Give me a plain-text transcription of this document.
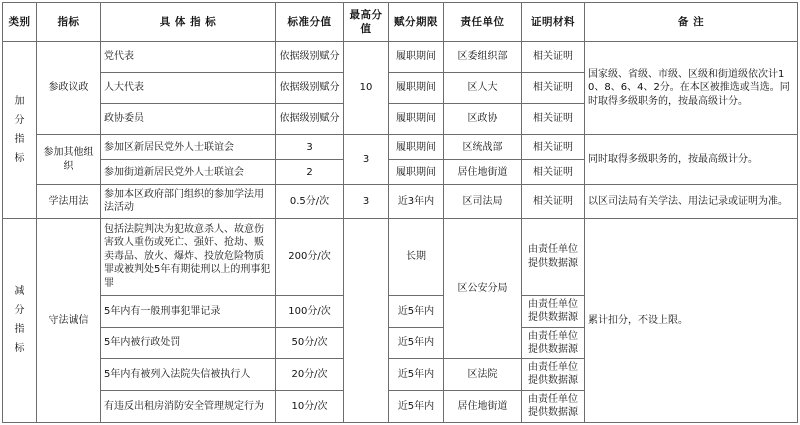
类别	指标	具 体 指 标	标准分值	最高分值	赋分期限	责任单位	证明材料	备 注

加
分
指
标	参政议政	党代表	依据级别赋分	10	履职期间	区委组织部	相关证明	国家级、省级、市级、区级和街道级依次计10、8、6、4、2分。在本区被推选或当选。同时取得多级职务的，按最高级计分。
		人大代表	依据级别赋分		履职期间	区人大	相关证明	
		政协委员	依据级别赋分		履职期间	区政协	相关证明	
	参加其他组织	参加区新居民党外人士联谊会	3	3	履职期间	区统战部	相关证明	同时取得多级职务的，按最高级计分。
		参加街道新居民党外人士联谊会	2		履职期间	居住地街道	相关证明	
	学法用法	参加本区政府部门组织的参加学法用法活动	0.5分/次	3	近3年内	区司法局	相关证明	以区司法局有关学法、用法记录或证明为准。

减
分
指
标	守法诚信	包括法院判决为犯故意杀人、故意伤害致人重伤或死亡、强奸、抢劫、贩卖毒品、放火、爆炸、投放危险物质罪或被判处5年有期徒刑以上的刑事犯罪	200分/次		长期	区公安分局	由责任单位提供数据源	累计扣分，不设上限。
		5年内有一般刑事犯罪记录	100分/次		近5年内		由责任单位提供数据源	
		5年内被行政处罚	50分/次		近5年内		由责任单位提供数据源	
		5年内有被列入法院失信被执行人	20分/次		近5年内	区法院	由责任单位提供数据源	
		有违反出租房消防安全管理规定行为	10分/次		近5年内	居住地街道	由责任单位提供数据源	
